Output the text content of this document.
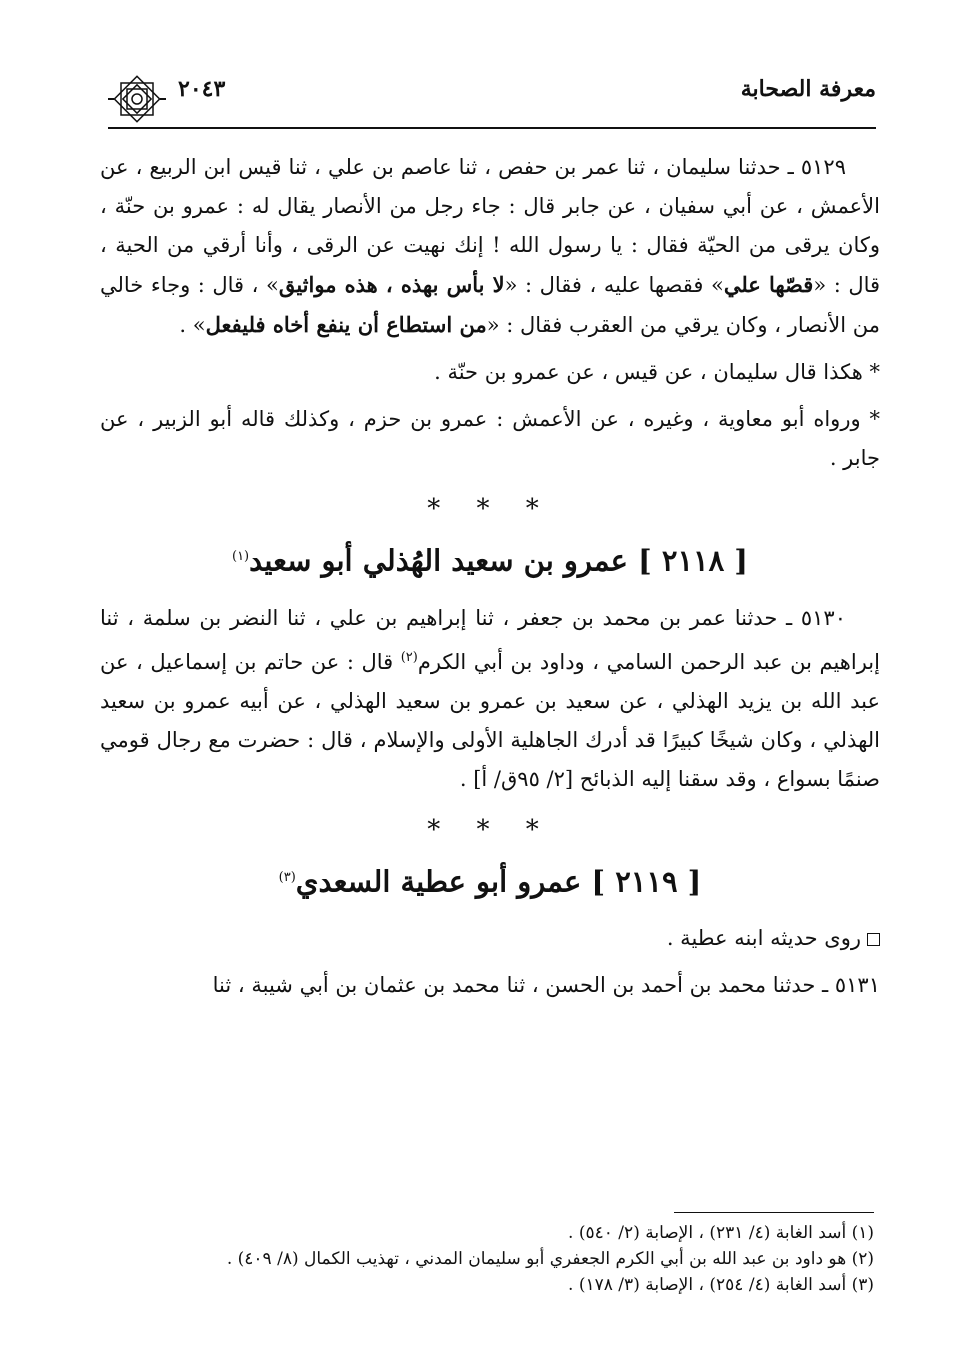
٢٠٤٣	معرفة الصحابة

٥١٢٩ ـ حدثنا سليمان ، ثنا عمر بن حفص ، ثنا عاصم بن علي ، ثنا قيس ابن الربيع ، عن الأعمش ، عن أبي سفيان ، عن جابر قال : جاء رجل من الأنصار يقال له : عمرو بن حنّة ، وكان يرقى من الحيّة فقال : يا رسول الله ! إنك نهيت عن الرقى ، وأنا أرقي من الحية ، قال : «قصّها علي» فقصها عليه ، فقال : «لا بأس بهذه ، هذه مواثيق» ، قال : وجاء خالي من الأنصار ، وكان يرقي من العقرب فقال : «من استطاع أن ينفع أخاه فليفعل» .

* هكذا قال سليمان ، عن قيس ، عن عمرو بن حنّة .

* ورواه أبو معاوية ، وغيره ، عن الأعمش : عمرو بن حزم ، وكذلك قاله أبو الزبير ، عن جابر .

* * *

[ ٢١١٨ ] عمرو بن سعيد الهُذلي أبو سعيد$^{(١)}$

٥١٣٠ ـ حدثنا عمر بن محمد بن جعفر ، ثنا إبراهيم بن علي ، ثنا النضر بن سلمة ، ثنا إبراهيم بن عبد الرحمن السامي ، وداود بن أبي الكرم$^{(٢)}$ قال : عن حاتم بن إسماعيل ، عن عبد الله بن يزيد الهذلي ، عن سعيد بن عمرو بن سعيد الهذلي ، عن أبيه عمرو بن سعيد الهذلي ، وكان شيخًا كبيرًا قد أدرك الجاهلية الأولى والإسلام ، قال : حضرت مع رجال قومي صنمًا بسواع ، وقد سقنا إليه الذبائح [٢/ ٩٥ق/ أ] .

* * *

[ ٢١١٩ ] عمرو أبو عطية السعدي$^{(٣)}$

روى حديثه ابنه عطية .

٥١٣١ ـ حدثنا محمد بن أحمد بن الحسن ، ثنا محمد بن عثمان بن أبي شيبة ، ثنا

(١) أسد الغابة (٤/ ٢٣١) ، الإصابة (٢/ ٥٤٠) .
(٢) هو داود بن عبد الله بن أبي الكرم الجعفري أبو سليمان المدني ، تهذيب الكمال (٨/ ٤٠٩) .
(٣) أسد الغابة (٤/ ٢٥٤) ، الإصابة (٣/ ١٧٨) .
